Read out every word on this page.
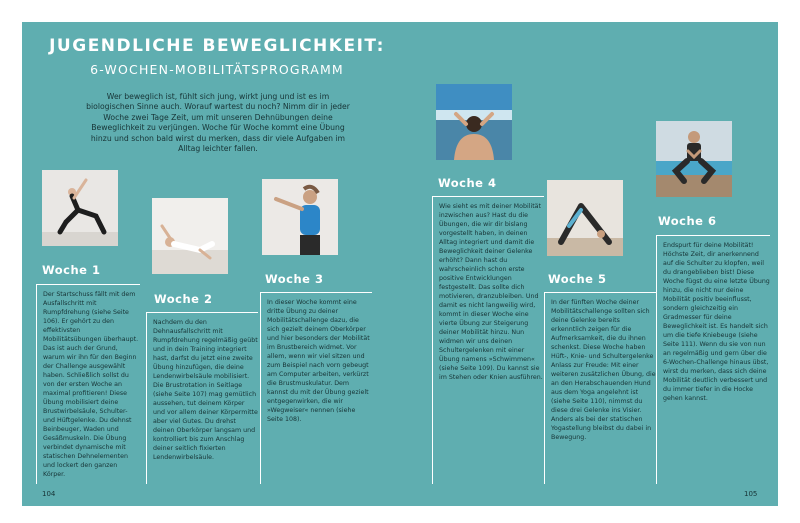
JUGENDLICHE BEWEGLICHKEIT:
6-WOCHEN-MOBILITÄTSPROGRAMM
Wer beweglich ist, fühlt sich jung, wirkt jung und ist es im biologischen Sinne auch. Worauf wartest du noch? Nimm dir in jeder Woche zwei Tage Zeit, um mit unseren Dehnübungen deine Beweglichkeit zu verjüngen. Woche für Woche kommt eine Übung hinzu und schon bald wirst du merken, dass dir viele Aufgaben im Alltag leichter fallen.
Woche 1
Der Startschuss fällt mit dem Ausfallschritt mit Rumpfdrehung (siehe Seite 106). Er gehört zu den effektivsten Mobilitätsübungen überhaupt. Das ist auch der Grund, warum wir ihn für den Beginn der Challenge ausgewählt haben. Schließlich sollst du von der ersten Woche an maximal profitieren! Diese Übung mobilisiert deine Brustwirbelsäule, Schulter- und Hüftgelenke. Du dehnst Beinbeuger, Waden und Gesäßmuskeln. Die Übung verbindet dynamische mit statischen Dehnelementen und lockert den ganzen Körper.
Woche 2
Nachdem du den Dehnausfallschritt mit Rumpfdrehung regelmäßig geübt und in dein Training integriert hast, darfst du jetzt eine zweite Übung hinzufügen, die deine Lendenwirbelsäule mobilisiert. Die Brustrotation in Seitlage (siehe Seite 107) mag gemütlich aussehen, tut deinem Körper und vor allem deiner Körpermitte aber viel Gutes. Du drehst deinen Oberkörper langsam und kontrolliert bis zum Anschlag deiner seitlich fixierten Lendenwirbelsäule.
Woche 3
In dieser Woche kommt eine dritte Übung zu deiner Mobilitätschallenge dazu, die sich gezielt deinem Oberkörper und hier besonders der Mobilität im Brustbereich widmet. Vor allem, wenn wir viel sitzen und zum Beispiel nach vorn gebeugt am Computer arbeiten, verkürzt die Brustmuskulatur. Dem kannst du mit der Übung gezielt entgegenwirken, die wir »Wegweiser« nennen (siehe Seite 108).
Woche 4
Wie sieht es mit deiner Mobilität inzwischen aus? Hast du die Übungen, die wir dir bislang vorgestellt haben, in deinen Alltag integriert und damit die Beweglichkeit deiner Gelenke erhöht? Dann hast du wahrscheinlich schon erste positive Entwicklungen festgestellt. Das sollte dich motivieren, dranzubleiben. Und damit es nicht langweilig wird, kommt in dieser Woche eine vierte Übung zur Steigerung deiner Mobilität hinzu. Nun widmen wir uns deinen Schultergelenken mit einer Übung namens »Schwimmen« (siehe Seite 109). Du kannst sie im Stehen oder Knien ausführen.
Woche 5
In der fünften Woche deiner Mobilitätschallenge sollten sich deine Gelenke bereits erkenntlich zeigen für die Aufmerksamkeit, die du ihnen schenkst. Diese Woche haben Hüft-, Knie- und Schultergelenke Anlass zur Freude: Mit einer weiteren zusätzlichen Übung, die an den Herabschauenden Hund aus dem Yoga angelehnt ist (siehe Seite 110), nimmst du diese drei Gelenke ins Visier. Anders als bei der statischen Yogastellung bleibst du dabei in Bewegung.
Woche 6
Endspurt für deine Mobilität! Höchste Zeit, dir anerkennend auf die Schulter zu klopfen, weil du drangeblieben bist! Diese Woche fügst du eine letzte Übung hinzu, die nicht nur deine Mobilität positiv beeinflusst, sondern gleichzeitig ein Gradmesser für deine Beweglichkeit ist. Es handelt sich um die tiefe Kniebeuge (siehe Seite 111). Wenn du sie von nun an regelmäßig und gern über die 6-Wochen-Challenge hinaus übst, wirst du merken, dass sich deine Mobilität deutlich verbessert und du immer tiefer in die Hocke gehen kannst.
104	105
